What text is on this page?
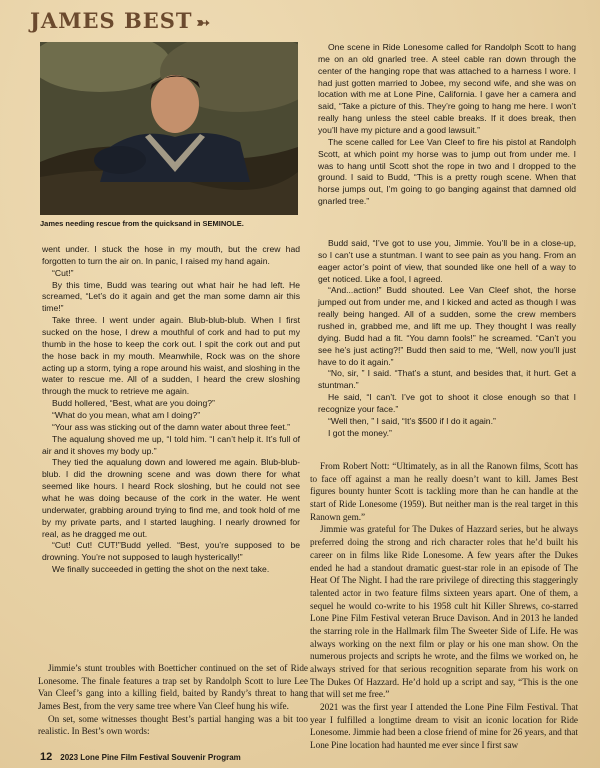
JAMES BEST ➳
James needing rescue from the quicksand in SEMINOLE.

went under. I stuck the hose in my mouth, but the crew had forgotten to turn the air on. In panic, I raised my hand again.

“Cut!”

By this time, Budd was tearing out what hair he had left. He screamed, “Let’s do it again and get the man some damn air this time!”

Take three. I went under again. Blub-blub-blub. When I first sucked on the hose, I drew a mouthful of cork and had to put my thumb in the hose to keep the cork out. I spit the cork out and put the hose back in my mouth. Meanwhile, Rock was on the shore acting up a storm, tying a rope around his waist, and sloshing in the water to rescue me. All of a sudden, I heard the crew sloshing through the muck to retrieve me again.

Budd hollered, “Best, what are you doing?”

“What do you mean, what am I doing?”

“Your ass was sticking out of the damn water about three feet.”

The aqualung shoved me up, “I told him. “I can’t help it. It’s full of air and it shoves my body up.”

They tied the aqualung down and lowered me again. Blub-blub-blub. I did the drowning scene and was down there for what seemed like hours. I heard Rock sloshing, but he could not see what he was doing because of the cork in the water. He went underwater, grabbing around trying to find me, and took hold of me by my private parts, and I started laughing. I nearly drowned for real, as he dragged me out.

“Cut! Cut! CUT!”Budd yelled. “Best, you’re supposed to be drowning. You’re not supposed to laugh hysterically!”

We finally succeeded in getting the shot on the next take.

Jimmie’s stunt troubles with Boetticher continued on the set of Ride Lonesome. The finale features a trap set by Randolph Scott to lure Lee Van Cleef’s gang into a killing field, baited by Randy’s threat to hang James Best, from the very same tree where Van Cleef hung his wife.

On set, some witnesses thought Best’s partial hanging was a bit too realistic. In Best’s own words:

One scene in Ride Lonesome called for Randolph Scott to hang me on an old gnarled tree. A steel cable ran down through the center of the hanging rope that was attached to a harness I wore. I had just gotten married to Jobee, my second wife, and she was on location with me at Lone Pine, California. I gave her a camera and said, “Take a picture of this. They’re going to hang me here. I won’t really hang unless the steel cable breaks. If it does break, then you’ll have my picture and a good lawsuit.”

The scene called for Lee Van Cleef to fire his pistol at Randolph Scott, at which point my horse was to jump out from under me. I was to hang until Scott shot the rope in two and I dropped to the ground. I said to Budd, “This is a pretty rough scene. When that horse jumps out, I’m going to go banging against that damned old gnarled tree.”

Budd said, “I’ve got to use you, Jimmie. You’ll be in a close-up, so I can’t use a stuntman. I want to see pain as you hang. From an eager actor’s point of view, that sounded like one hell of a way to get noticed. Like a fool, I agreed.

“And...action!” Budd shouted. Lee Van Cleef shot, the horse jumped out from under me, and I kicked and acted as though I was really being hanged. All of a sudden, some the crew members rushed in, grabbed me, and lift me up. They thought I was really dying. Budd had a fit. “You damn fools!” he screamed. “Can’t you see he’s just acting?!” Budd then said to me, “Well, now you’ll just have to do it again.”

“No, sir, ” I said. “That’s a stunt, and besides that, it hurt. Get a stuntman.”

He said, “I can’t. I’ve got to shoot it close enough so that I recognize your face.”

“Well then, ” I said, “It’s $500 if I do it again.”

I got the money.”

From Robert Nott: “Ultimately, as in all the Ranown films, Scott has to face off against a man he really doesn’t want to kill. James Best figures bounty hunter Scott is tackling more than he can handle at the start of Ride Lonesome (1959). But neither man is the real target in this Ranown gem.”

Jimmie was grateful for The Dukes of Hazzard series, but he always preferred doing the strong and rich character roles that he’d built his career on in films like Ride Lonesome. A few years after the Dukes ended he had a standout dramatic guest-star role in an episode of The Heat Of The Night. I had the rare privilege of directing this staggeringly talented actor in two feature films sixteen years apart. One of them, a sequel he would co-write to his 1958 cult hit Killer Shrews, co-starred Lone Pine Film Festival veteran Bruce Davison. And in 2013 he landed the starring role in the Hallmark film The Sweeter Side of Life. He was always working on the next film or play or his one man show. On the numerous projects and scripts he wrote, and the films we worked on, he always strived for that serious recognition separate from his work on The Dukes Of Hazzard. He’d hold up a script and say, “This is the one that will set me free.”

2021 was the first year I attended the Lone Pine Film Festival. That year I fulfilled a longtime dream to visit an iconic location for Ride Lonesome. Jimmie had been a close friend of mine for 26 years, and that Lone Pine location had haunted me ever since I first saw

12 2023 Lone Pine Film Festival Souvenir Program
